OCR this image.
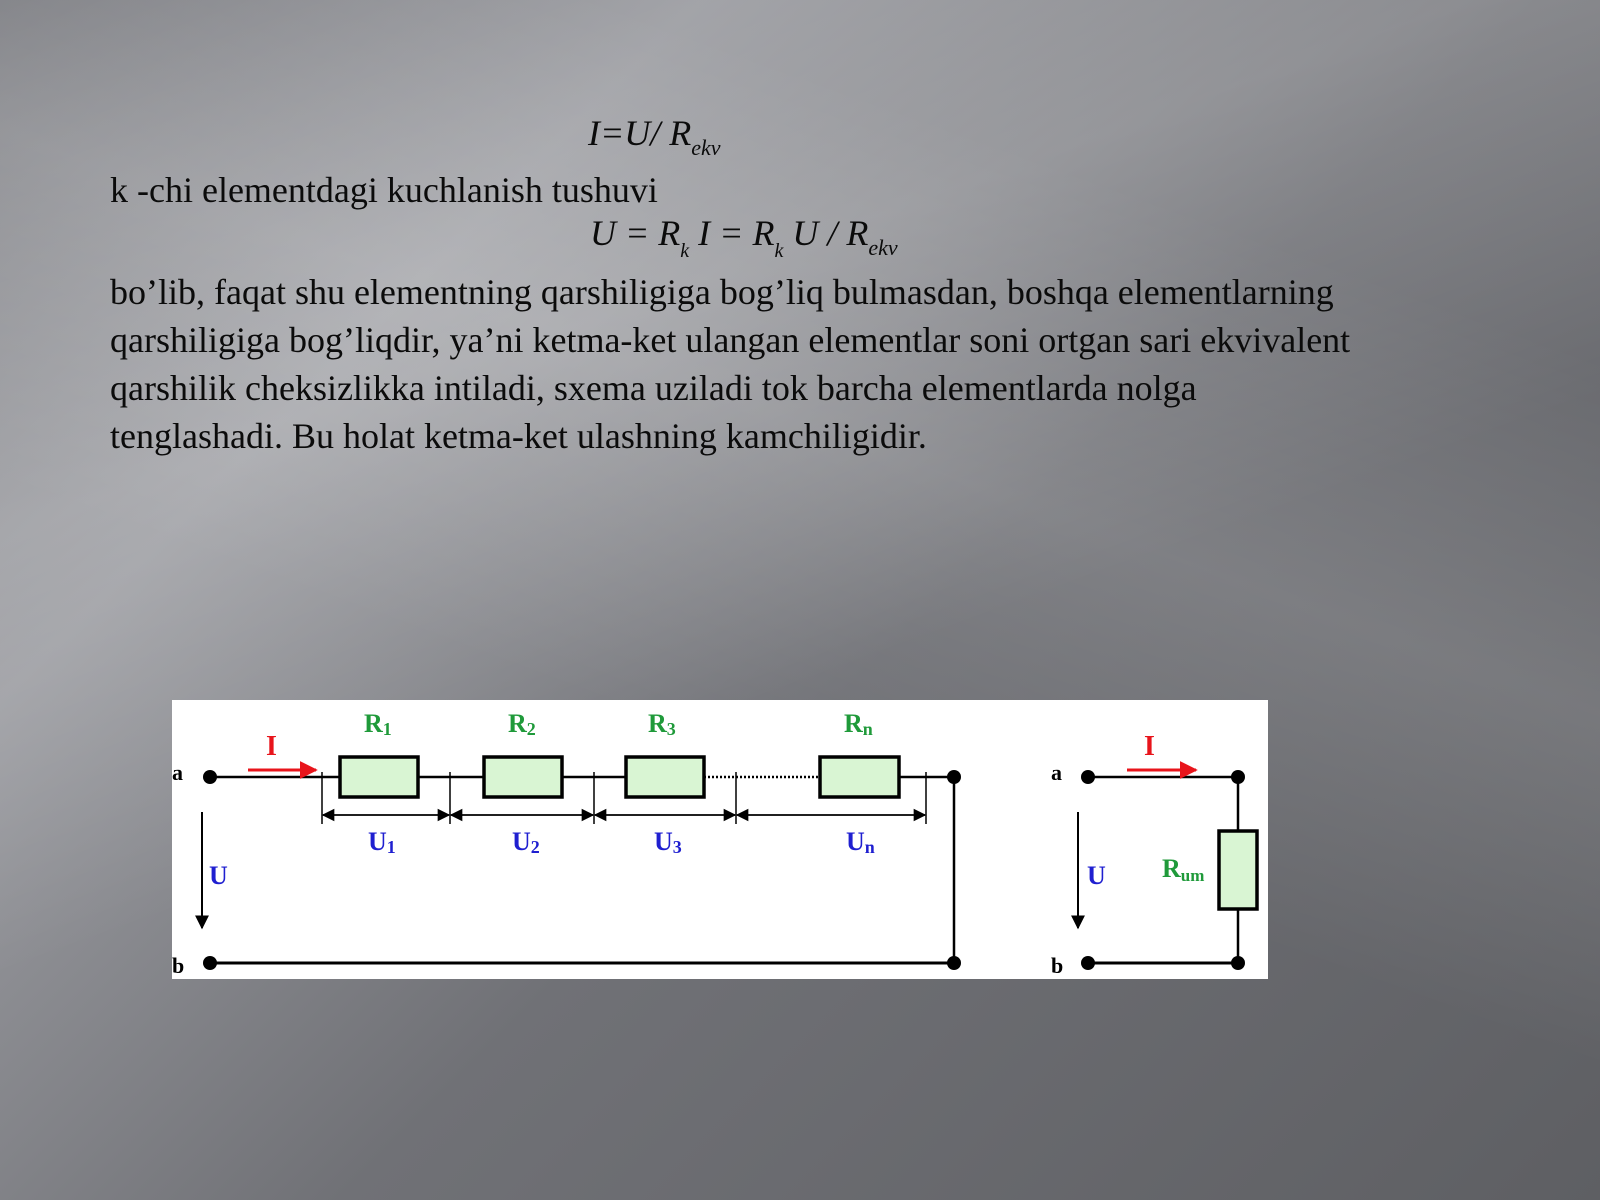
I=U/ $R_{ekv}$
k -chi elementdagi kuchlanish tushuvi
$U = R_k$ $I = R_k$ U / $R_{ekv}$
bo’lib, faqat shu elementning qarshiligiga bog’liq bulmasdan, boshqa elementlarning
qarshiligiga bog’liqdir, ya’ni ketma-ket ulangan elementlar soni ortgan sari ekvivalent
qarshilik cheksizlikka intiladi, sxema uziladi tok barcha elementlarda nolga
tenglashadi. Bu holat ketma-ket ulashning kamchiligidir.
a
b
I
U
R1	R2	R3	Rn
U1	U2	U3	Un
a
b
I
U Rum
